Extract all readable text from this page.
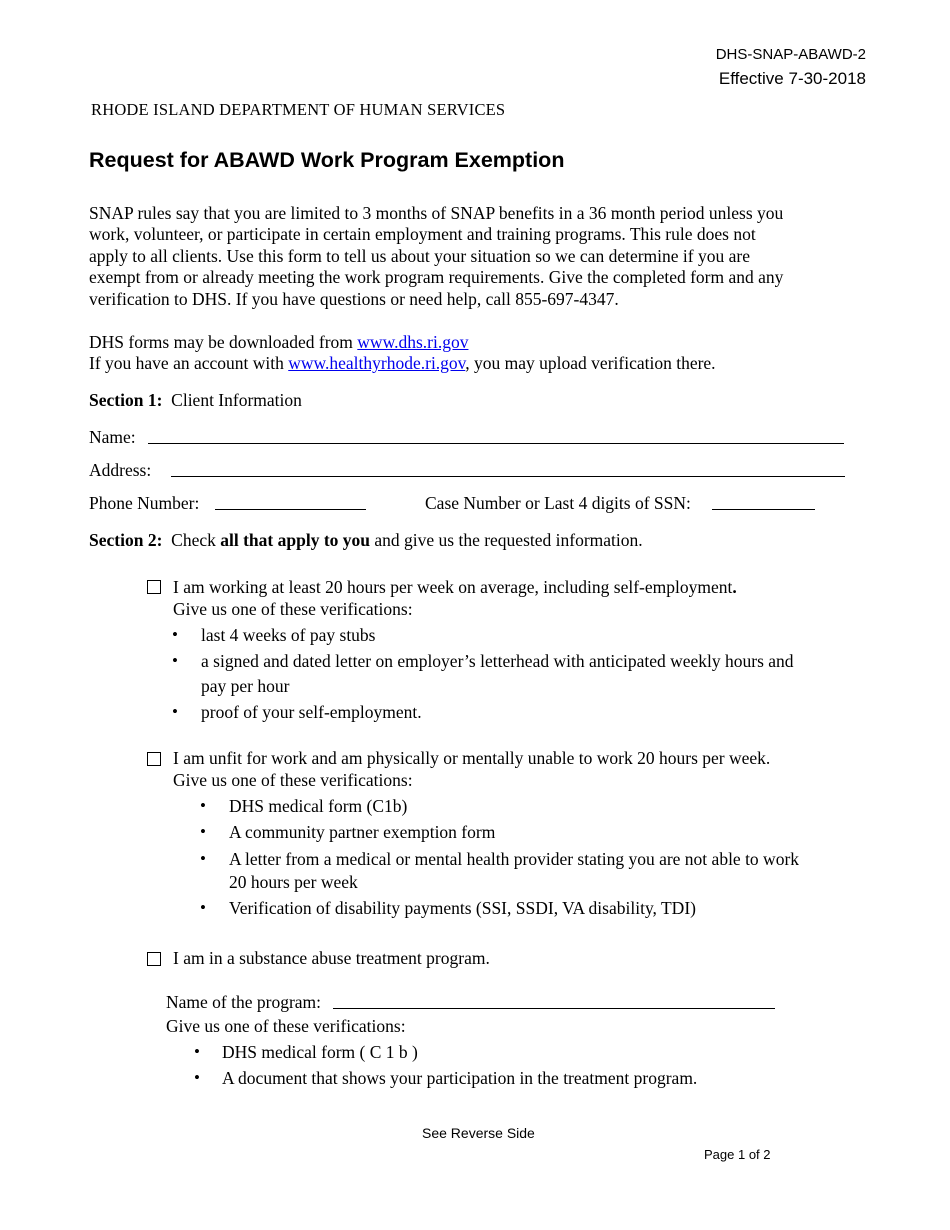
DHS-SNAP-ABAWD-2
Effective 7-30-2018
RHODE ISLAND DEPARTMENT OF HUMAN SERVICES
Request for ABAWD Work Program Exemption
SNAP rules say that you are limited to 3 months of SNAP benefits in a 36 month period unless you
work, volunteer, or participate in certain employment and training programs. This rule does not
apply to all clients. Use this form to tell us about your situation so we can determine if you are
exempt from or already meeting the work program requirements. Give the completed form and any
verification to DHS. If you have questions or need help, call 855-697-4347.
DHS forms may be downloaded from www.dhs.ri.gov
If you have an account with www.healthyrhode.ri.gov, you may upload verification there.
Section 1: Client Information
Name:
Address:
Phone Number:	Case Number or Last 4 digits of SSN:
Section 2: Check all that apply to you and give us the requested information.
I am working at least 20 hours per week on average, including self-employment.
Give us one of these verifications:
• last 4 weeks of pay stubs
• a signed and dated letter on employer’s letterhead with anticipated weekly hours and
pay per hour
• proof of your self-employment.
I am unfit for work and am physically or mentally unable to work 20 hours per week.
Give us one of these verifications:
• DHS medical form (C1b)
• A community partner exemption form
• A letter from a medical or mental health provider stating you are not able to work
20 hours per week
• Verification of disability payments (SSI, SSDI, VA disability, TDI)
I am in a substance abuse treatment program.
Name of the program:
Give us one of these verifications:
• DHS medical form ( C 1 b )
• A document that shows your participation in the treatment program.
See Reverse Side
Page 1 of 2
